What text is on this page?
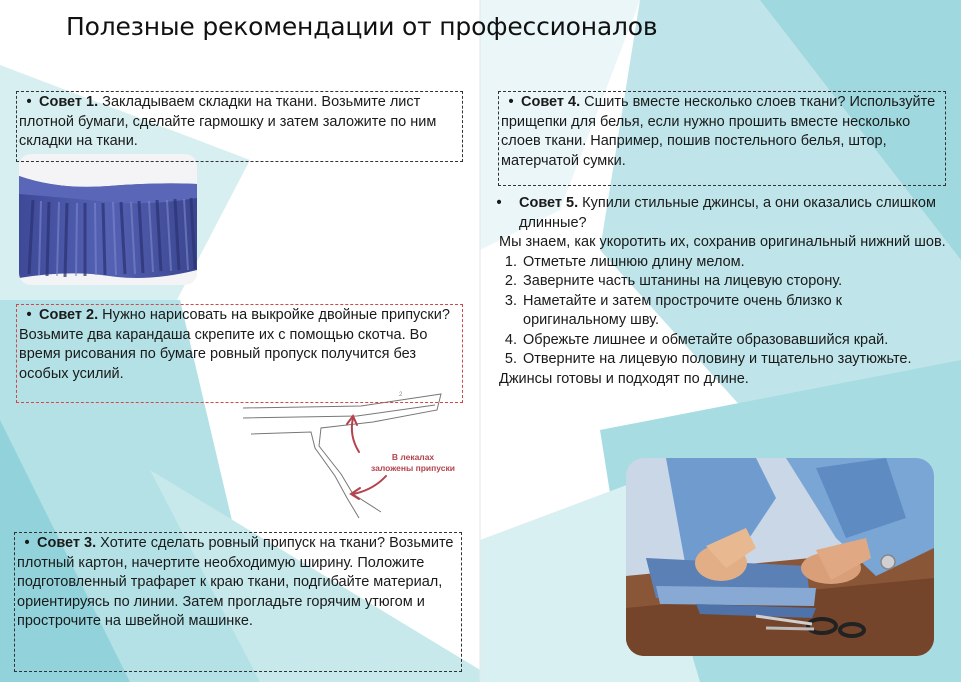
Полезные рекомендации от профессионалов

• Совет 1. Закладываем складки на ткани. Возьмите лист плотной бумаги, сделайте гармошку и затем заложите по ним складки на ткани.

• Совет 2. Нужно нарисовать на выкройке двойные припуски? Возьмите два карандаша скрепите их с помощью скотча. Во время рисования по бумаге ровный пропуск получится без особых усилий.

2
В лекалах
заложены припуски

• Совет 3. Хотите сделать ровный припуск на ткани? Возьмите плотный картон, начертите необходимую ширину. Положите подготовленный трафарет к краю ткани, подгибайте материал, ориентируясь по линии. Затем прогладьте горячим утюгом и прострочите на швейной машинке.

• Совет 4. Сшить вместе несколько слоев ткани? Используйте прищепки для белья, если нужно прошить вместе несколько слоев ткани. Например, пошив постельного белья, штор, матерчатой сумки.

• Совет 5. Купили стильные джинсы, а они оказались слишком длинные?

Мы знаем, как укоротить их, сохранив оригинальный нижний шов.

1. Отметьте лишнюю длину мелом.
2. Заверните часть штанины на лицевую сторону.
3. Наметайте и затем прострочите очень близко к оригинальному шву.
4. Обрежьте лишнее и обметайте образовавшийся край.
5. Отверните на лицевую половину и тщательно заутюжьте.

Джинсы готовы и подходят по длине.
